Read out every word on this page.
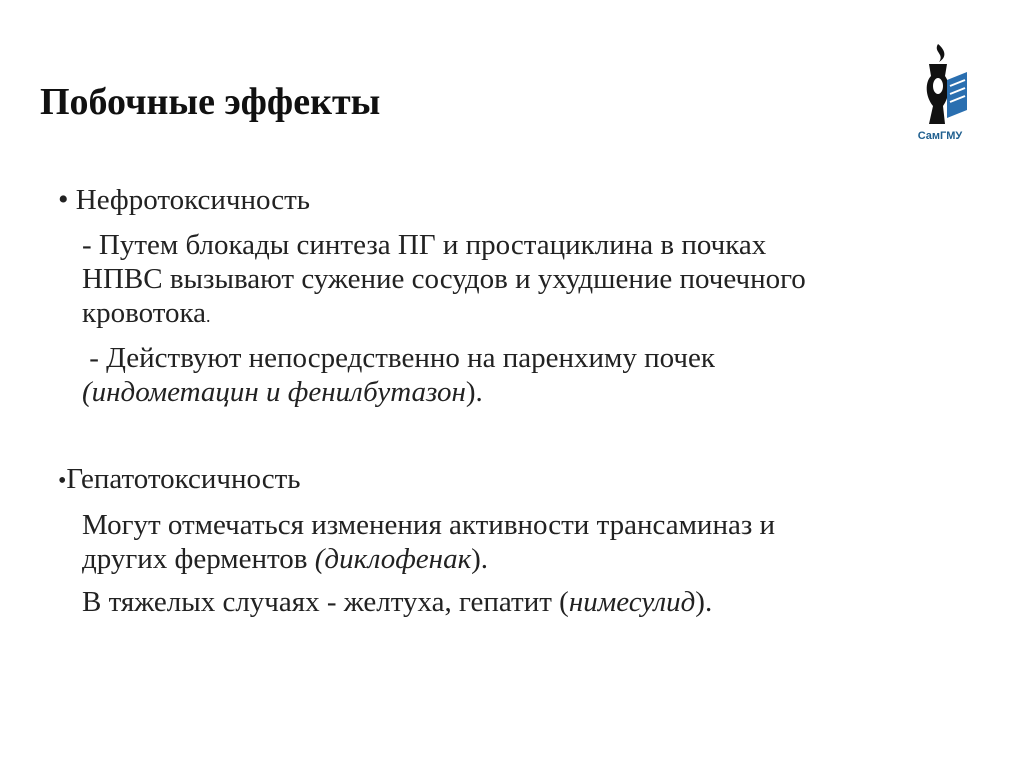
Побочные эффекты
СамГМУ
• Нефротоксичность
- Путем блокады синтеза ПГ и простациклина в почках
НПВС вызывают сужение сосудов и ухудшение почечного
кровотока.
- Действуют непосредственно на паренхиму почек
(индометацин и фенилбутазон).
•Гепатотоксичность
Могут отмечаться изменения активности трансаминаз и
других ферментов (диклофенак).
В тяжелых случаях - желтуха, гепатит (нимесулид).
